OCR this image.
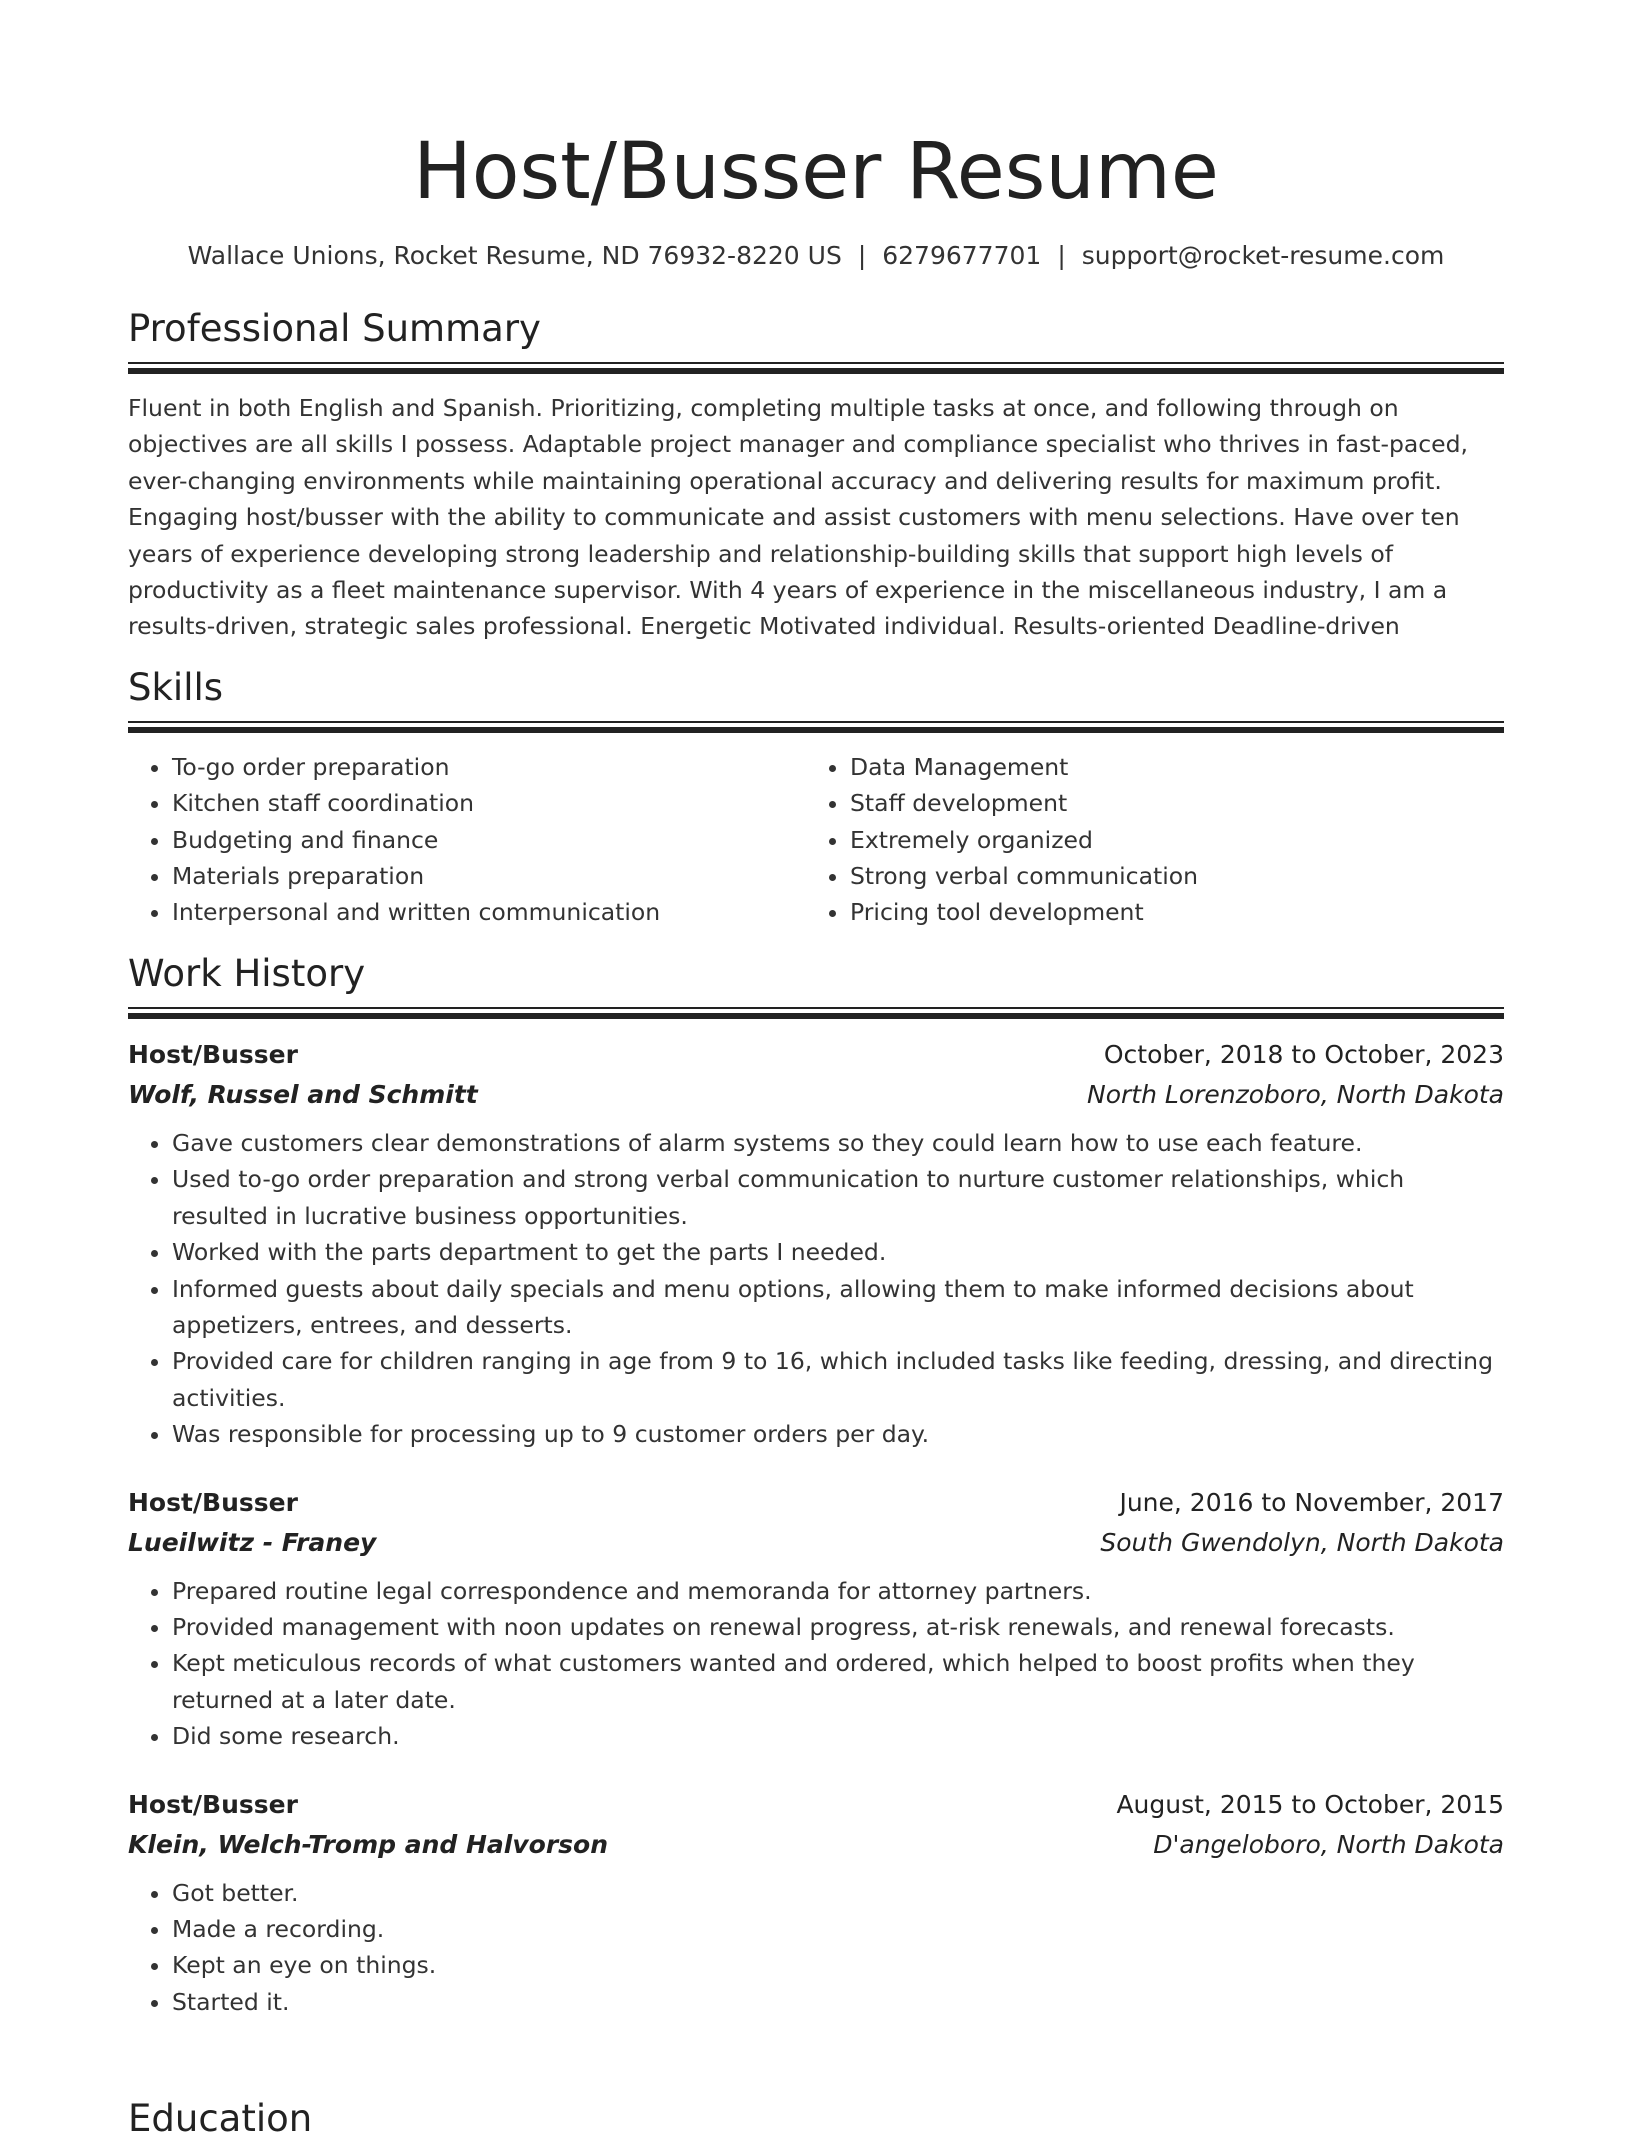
Host/Busser Resume
Wallace Unions, Rocket Resume, ND 76932-8220 US | 6279677701 | support@rocket-resume.com
Professional Summary

Fluent in both English and Spanish. Prioritizing, completing multiple tasks at once, and following through on objectives are all skills I possess. Adaptable project manager and compliance specialist who thrives in fast-paced, ever-changing environments while maintaining operational accuracy and delivering results for maximum profit. Engaging host/busser with the ability to communicate and assist customers with menu selections. Have over ten years of experience developing strong leadership and relationship-building skills that support high levels of productivity as a fleet maintenance supervisor. With 4 years of experience in the miscellaneous industry, I am a results-driven, strategic sales professional. Energetic Motivated individual. Results-oriented Deadline-driven

Skills
• To-go order preparation
• Kitchen staff coordination
• Budgeting and finance
• Materials preparation
• Interpersonal and written communication
• Data Management
• Staff development
• Extremely organized
• Strong verbal communication
• Pricing tool development
Work History
Host/Busser	October, 2018 to October, 2023
Wolf, Russel and Schmitt	North Lorenzoboro, North Dakota
• Gave customers clear demonstrations of alarm systems so they could learn how to use each feature.
• Used to-go order preparation and strong verbal communication to nurture customer relationships, which resulted in lucrative business opportunities.
• Worked with the parts department to get the parts I needed.
• Informed guests about daily specials and menu options, allowing them to make informed decisions about appetizers, entrees, and desserts.
• Provided care for children ranging in age from 9 to 16, which included tasks like feeding, dressing, and directing activities.
• Was responsible for processing up to 9 customer orders per day.
Host/Busser	June, 2016 to November, 2017
Lueilwitz - Franey	South Gwendolyn, North Dakota
• Prepared routine legal correspondence and memoranda for attorney partners.
• Provided management with noon updates on renewal progress, at-risk renewals, and renewal forecasts.
• Kept meticulous records of what customers wanted and ordered, which helped to boost profits when they returned at a later date.
• Did some research.
Host/Busser	August, 2015 to October, 2015
Klein, Welch-Tromp and Halvorson	D'angeloboro, North Dakota
• Got better.
• Made a recording.
• Kept an eye on things.
• Started it.
Education
